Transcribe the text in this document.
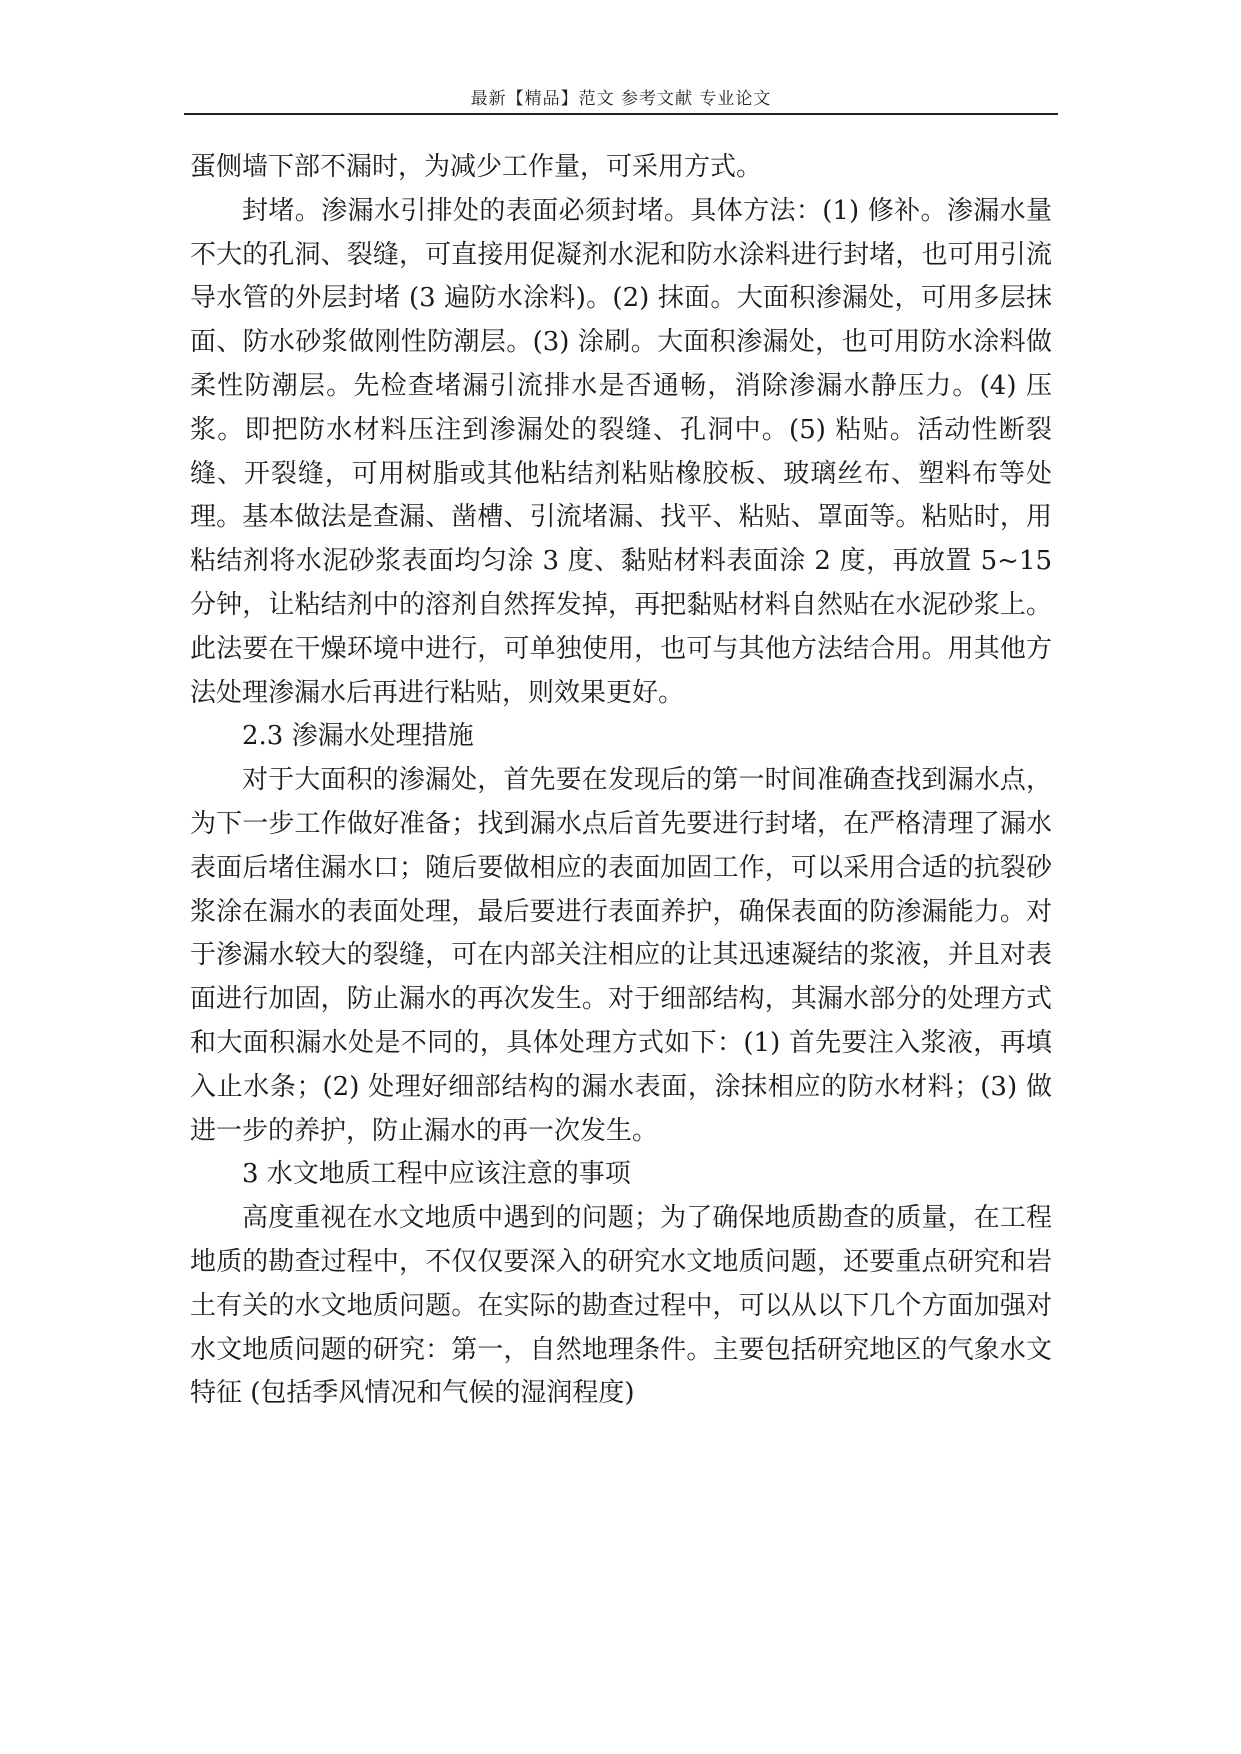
最新【精品】范文 参考文献 专业论文

蛋侧墙下部不漏时，为减少工作量，可采用方式。

封堵。渗漏水引排处的表面必须封堵。具体方法：(1) 修补。渗漏水量不大的孔洞、裂缝，可直接用促凝剂水泥和防水涂料进行封堵，也可用引流导水管的外层封堵 (3 遍防水涂料)。(2) 抹面。大面积渗漏处，可用多层抹面、防水砂浆做刚性防潮层。(3) 涂刷。大面积渗漏处，也可用防水涂料做柔性防潮层。先检查堵漏引流排水是否通畅，消除渗漏水静压力。(4) 压浆。即把防水材料压注到渗漏处的裂缝、孔洞中。(5) 粘贴。活动性断裂缝、开裂缝，可用树脂或其他粘结剂粘贴橡胶板、玻璃丝布、塑料布等处理。基本做法是查漏、凿槽、引流堵漏、找平、粘贴、罩面等。粘贴时，用粘结剂将水泥砂浆表面均匀涂 3 度、黏贴材料表面涂 2 度，再放置 5~15 分钟，让粘结剂中的溶剂自然挥发掉，再把黏贴材料自然贴在水泥砂浆上。此法要在干燥环境中进行，可单独使用，也可与其他方法结合用。用其他方法处理渗漏水后再进行粘贴，则效果更好。

2.3 渗漏水处理措施

对于大面积的渗漏处，首先要在发现后的第一时间准确查找到漏水点，为下一步工作做好准备；找到漏水点后首先要进行封堵，在严格清理了漏水表面后堵住漏水口；随后要做相应的表面加固工作，可以采用合适的抗裂砂浆涂在漏水的表面处理，最后要进行表面养护，确保表面的防渗漏能力。对于渗漏水较大的裂缝，可在内部关注相应的让其迅速凝结的浆液，并且对表面进行加固，防止漏水的再次发生。对于细部结构，其漏水部分的处理方式和大面积漏水处是不同的，具体处理方式如下：(1) 首先要注入浆液，再填入止水条；(2) 处理好细部结构的漏水表面，涂抹相应的防水材料；(3) 做进一步的养护，防止漏水的再一次发生。

3 水文地质工程中应该注意的事项

高度重视在水文地质中遇到的问题；为了确保地质勘查的质量，在工程地质的勘查过程中，不仅仅要深入的研究水文地质问题，还要重点研究和岩土有关的水文地质问题。在实际的勘查过程中，可以从以下几个方面加强对水文地质问题的研究：第一，自然地理条件。主要包括研究地区的气象水文特征 (包括季风情况和气候的湿润程度)
